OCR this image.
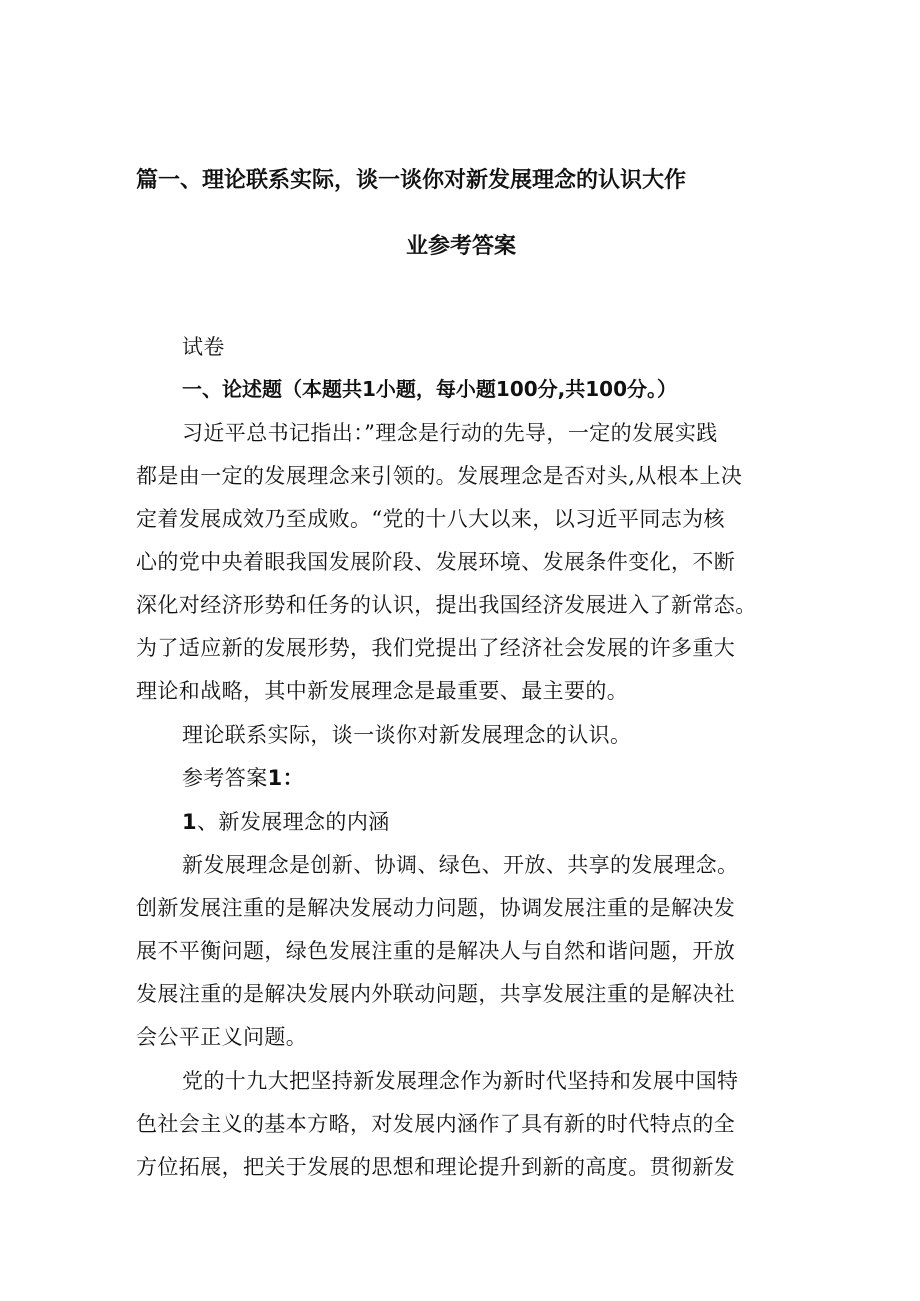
篇一、理论联系实际，谈一谈你对新发展理念的认识大作
业参考答案
试卷
一、论述题（本题共1小题，每小题100分,共100分。）
习近平总书记指出：”理念是行动的先导，一定的发展实践
都是由一定的发展理念来引领的。发展理念是否对头,从根本上决
定着发展成效乃至成败。“党的十八大以来，以习近平同志为核
心的党中央着眼我国发展阶段、发展环境、发展条件变化，不断
深化对经济形势和任务的认识，提出我国经济发展进入了新常态。
为了适应新的发展形势，我们党提出了经济社会发展的许多重大
理论和战略，其中新发展理念是最重要、最主要的。
理论联系实际，谈一谈你对新发展理念的认识。
参考答案1：
1、新发展理念的内涵
新发展理念是创新、协调、绿色、开放、共享的发展理念。
创新发展注重的是解决发展动力问题，协调发展注重的是解决发
展不平衡问题，绿色发展注重的是解决人与自然和谐问题，开放
发展注重的是解决发展内外联动问题，共享发展注重的是解决社
会公平正义问题。
党的十九大把坚持新发展理念作为新时代坚持和发展中国特
色社会主义的基本方略，对发展内涵作了具有新的时代特点的全
方位拓展，把关于发展的思想和理论提升到新的高度。贯彻新发
